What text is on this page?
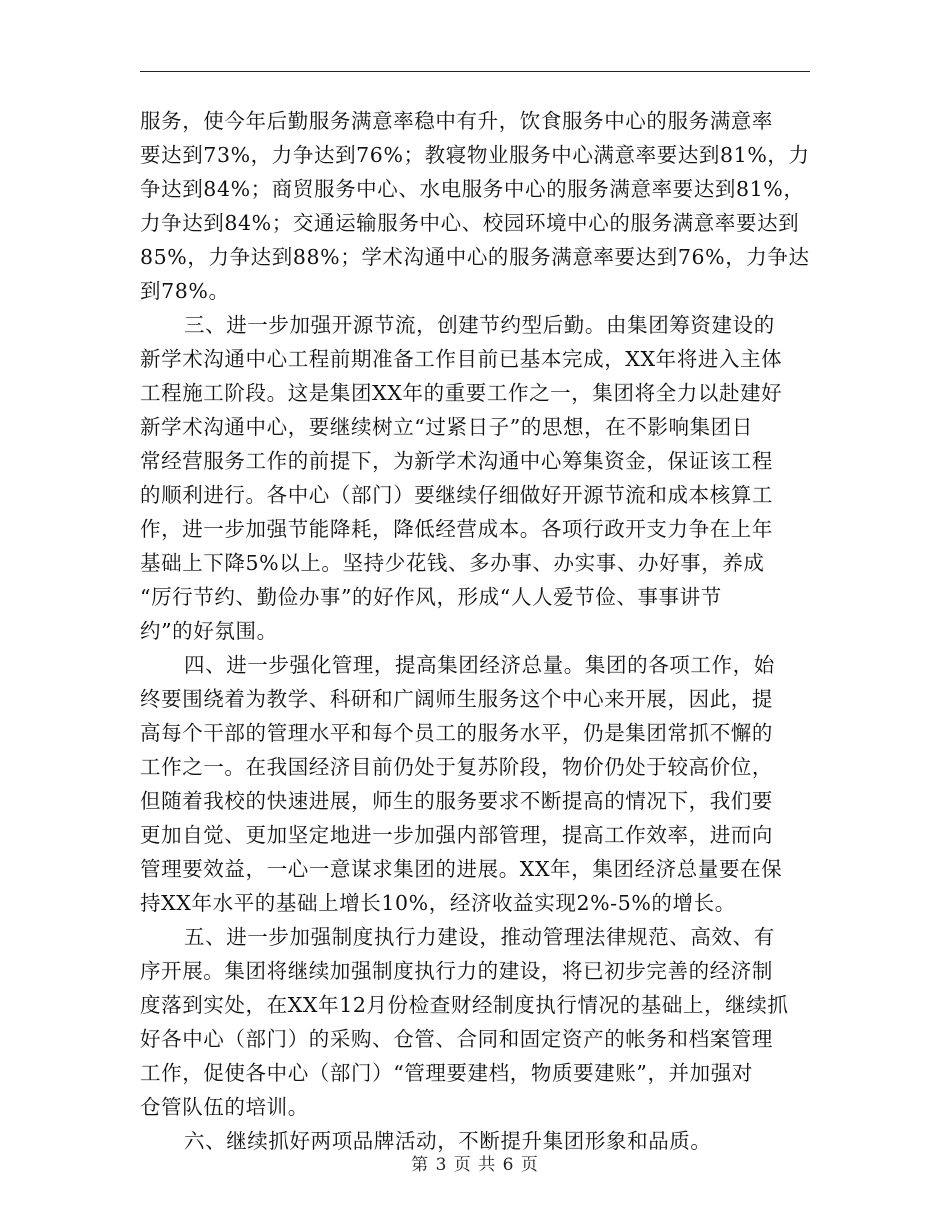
服务，使今年后勤服务满意率稳中有升，饮食服务中心的服务满意率
要达到73%，力争达到76%；教寝物业服务中心满意率要达到81%，力
争达到84%；商贸服务中心、水电服务中心的服务满意率要达到81%，
力争达到84%；交通运输服务中心、校园环境中心的服务满意率要达到
85%，力争达到88%；学术沟通中心的服务满意率要达到76%，力争达
到78%。
三、进一步加强开源节流，创建节约型后勤。由集团筹资建设的
新学术沟通中心工程前期准备工作目前已基本完成，XX年将进入主体
工程施工阶段。这是集团XX年的重要工作之一，集团将全力以赴建好
新学术沟通中心，要继续树立“过紧日子”的思想，在不影响集团日
常经营服务工作的前提下，为新学术沟通中心筹集资金，保证该工程
的顺利进行。各中心（部门）要继续仔细做好开源节流和成本核算工
作，进一步加强节能降耗，降低经营成本。各项行政开支力争在上年
基础上下降5%以上。坚持少花钱、多办事、办实事、办好事，养成
“厉行节约、勤俭办事”的好作风，形成“人人爱节俭、事事讲节
约”的好氛围。
四、进一步强化管理，提高集团经济总量。集团的各项工作，始
终要围绕着为教学、科研和广阔师生服务这个中心来开展，因此，提
高每个干部的管理水平和每个员工的服务水平，仍是集团常抓不懈的
工作之一。在我国经济目前仍处于复苏阶段，物价仍处于较高价位，
但随着我校的快速进展，师生的服务要求不断提高的情况下，我们要
更加自觉、更加坚定地进一步加强内部管理，提高工作效率，进而向
管理要效益，一心一意谋求集团的进展。XX年，集团经济总量要在保
持XX年水平的基础上增长10%，经济收益实现2%-5%的增长。
五、进一步加强制度执行力建设，推动管理法律规范、高效、有
序开展。集团将继续加强制度执行力的建设，将已初步完善的经济制
度落到实处，在XX年12月份检查财经制度执行情况的基础上，继续抓
好各中心（部门）的采购、仓管、合同和固定资产的帐务和档案管理
工作，促使各中心（部门）“管理要建档，物质要建账”，并加强对
仓管队伍的培训。
六、继续抓好两项品牌活动，不断提升集团形象和品质。
第 3 页 共 6 页
